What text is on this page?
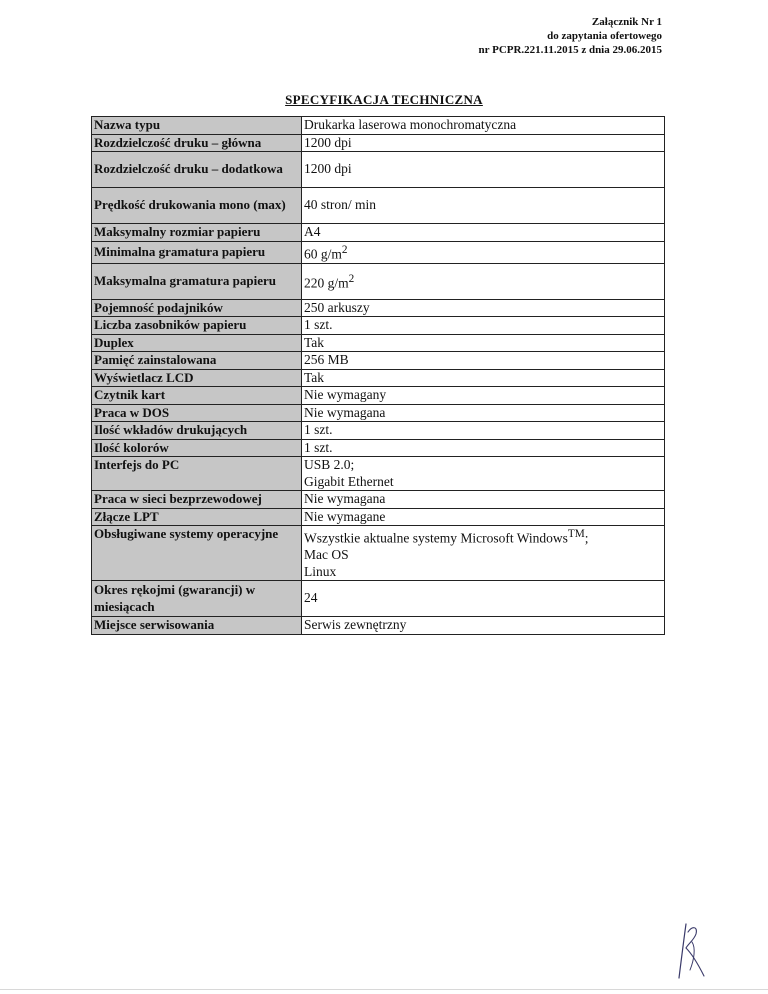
Załącznik Nr 1
do zapytania ofertowego
nr PCPR.221.11.2015 z dnia 29.06.2015
SPECYFIKACJA TECHNICZNA
Nazwa typu	Drukarka laserowa monochromatyczna
Rozdzielczość druku – główna	1200 dpi
Rozdzielczość druku – dodatkowa	1200 dpi
Prędkość drukowania mono (max)	40 stron/ min
Maksymalny rozmiar papieru	A4
Minimalna gramatura papieru	60 $g/m^2$
Maksymalna gramatura papieru	220 $g/m^2$
Pojemność podajników	250 arkuszy
Liczba zasobników papieru	1 szt.
Duplex	Tak
Pamięć zainstalowana	256 MB
Wyświetlacz LCD	Tak
Czytnik kart	Nie wymagany
Praca w DOS	Nie wymagana
Ilość wkładów drukujących	1 szt.
Ilość kolorów	1 szt.
Interfejs do PC	USB 2.0;
Gigabit Ethernet

Praca w sieci bezprzewodowej	Nie wymagana
Złącze LPT	Nie wymagane
Obsługiwane systemy operacyjne	Wszystkie aktualne systemy Microsoft Windows™;
Mac OS
Linux

Okres rękojmi (gwarancji) w miesiącach	24
Miejsce serwisowania	Serwis zewnętrzny
